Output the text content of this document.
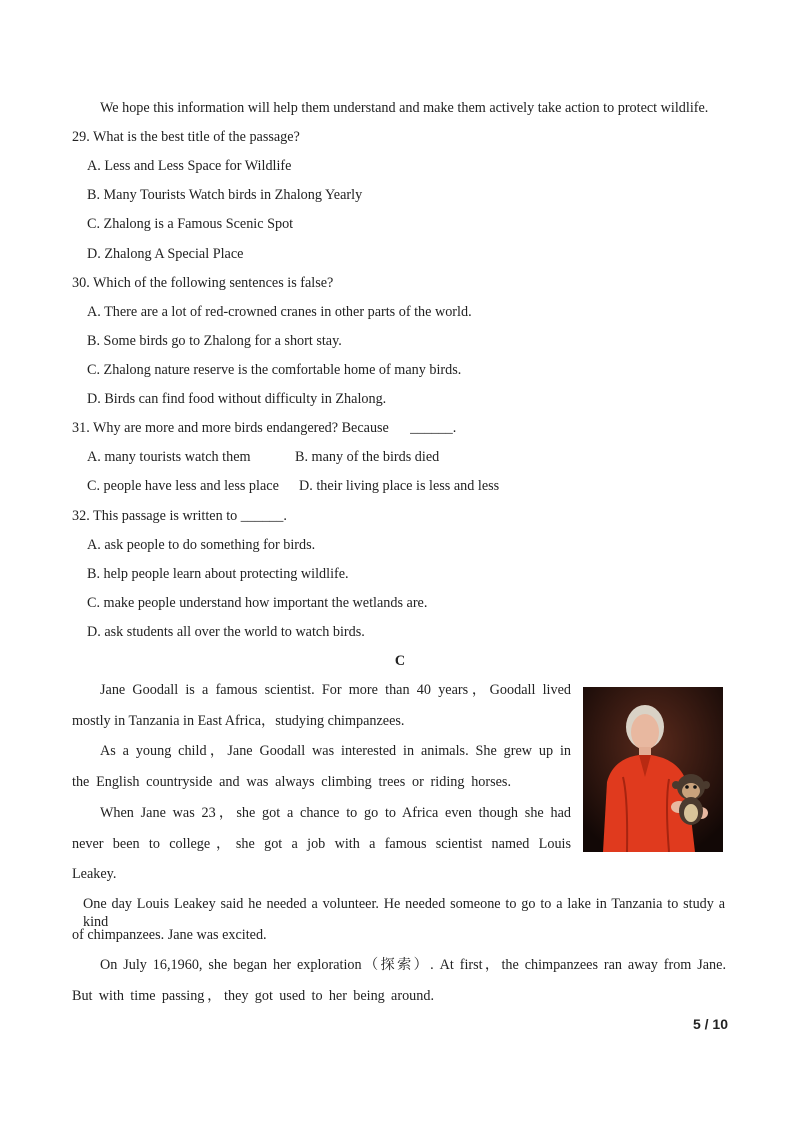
We hope this information will help them understand and make them actively take action to protect wildlife.
29. What is the best title of the passage?
A. Less and Less Space for Wildlife
B. Many Tourists Watch birds in Zhalong Yearly
C. Zhalong is a Famous Scenic Spot
D. Zhalong A Special Place
30. Which of the following sentences is false?
A. There are a lot of red-crowned cranes in other parts of the world.
B. Some birds go to Zhalong for a short stay.
C. Zhalong nature reserve is the comfortable home of many birds.
D. Birds can find food without difficulty in Zhalong.
31. Why are more and more birds endangered? Because      ______.
A. many tourists watch them	B. many of the birds died
C. people have less and less place D. their living place is less and less
32. This passage is written to ______.
A. ask people to do something for birds.
B. help people learn about protecting wildlife.
C. make people understand how important the wetlands are.
D. ask students all over the world to watch birds.
C
Jane Goodall is a famous scientist. For more than 40 years，Goodall lived
mostly in Tanzania in East Africa，studying chimpanzees.
As a young child，Jane Goodall was interested in animals. She grew up in
the English countryside and was always climbing trees or riding horses.
When Jane was 23，she got a chance to go to Africa even though she had
never been to college，she got a job with a famous scientist named Louis
Leakey.
One day Louis Leakey said he needed a volunteer. He needed someone to go to a lake in Tanzania to study a kind
of chimpanzees. Jane was excited.
On July 16,1960, she began her exploration（探索）. At first，the chimpanzees ran away from Jane.
But with time passing，they got used to her being around.
5 / 10
